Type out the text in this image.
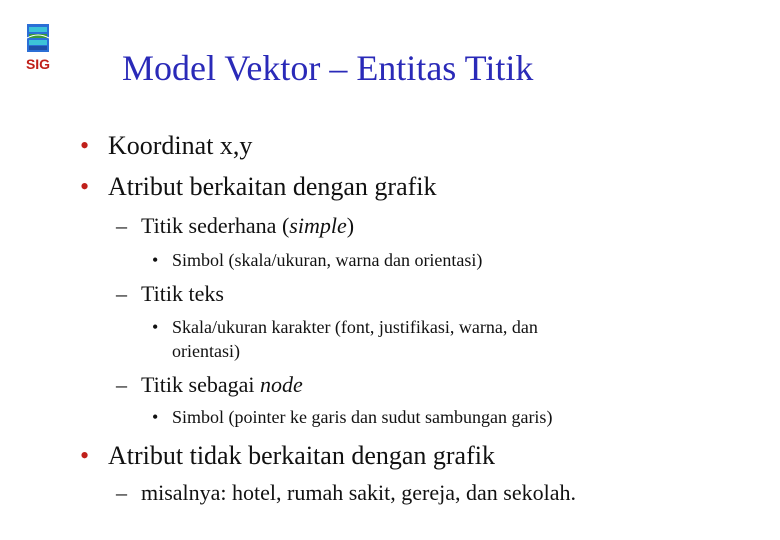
SIG Model Vektor – Entitas Titik
• Koordinat x,y
• Atribut berkaitan dengan grafik
– Titik sederhana (simple)
• Simbol (skala/ukuran, warna dan orientasi)
– Titik teks
• Skala/ukuran karakter (font, justifikasi, warna, dan
orientasi)
– Titik sebagai node
• Simbol (pointer ke garis dan sudut sambungan garis)
• Atribut tidak berkaitan dengan grafik
– misalnya: hotel, rumah sakit, gereja, dan sekolah.
